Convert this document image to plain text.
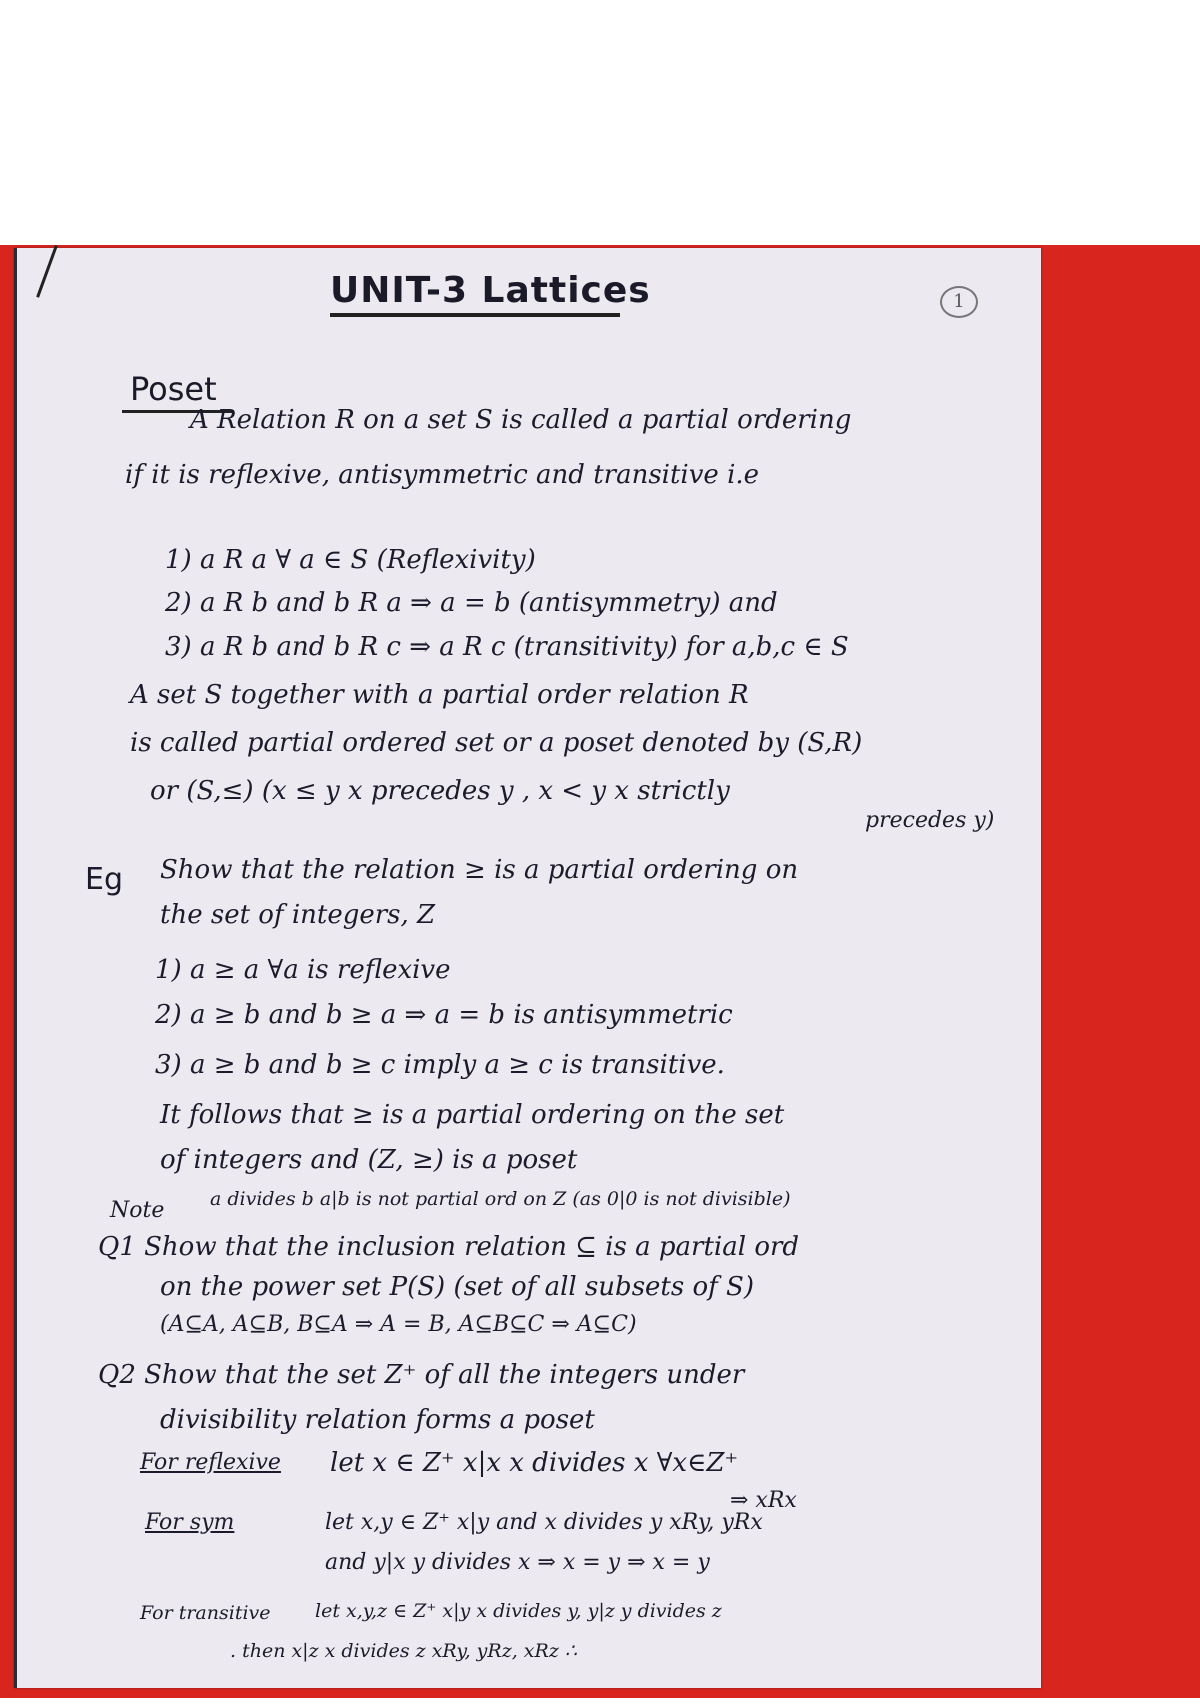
UNIT-3 Lattices	1
Poset
A Relation R on a set S is called a partial ordering
if it is reflexive, antisymmetric and transitive i.e
1) a R a ∀ a ∈ S (Reflexivity)
2) a R b and b R a ⇒ a = b (antisymmetry) and
3) a R b and b R c ⇒ a R c (transitivity) for a,b,c ∈ S
A set S together with a partial order relation R
is called partial ordered set or a poset denoted by (S,R)
or (S,≤) (x ≤ y x precedes y , x < y x strictly
precedes y)
Eg Show that the relation ≥ is a partial ordering on
the set of integers, Z
1) a ≥ a ∀a is reflexive
2) a ≥ b and b ≥ a ⇒ a = b is antisymmetric
3) a ≥ b and b ≥ c imply a ≥ c is transitive.
It follows that ≥ is a partial ordering on the set
of integers and (Z, ≥) is a poset
Note a divides b a|b is not partial ord on Z (as 0|0 is not divisible)
Q1 Show that the inclusion relation ⊆ is a partial ord
on the power set P(S) (set of all subsets of S)
(A⊆A, A⊆B, B⊆A ⇒ A = B, A⊆B⊆C ⇒ A⊆C)
Q2 Show that the set Z⁺ of all the integers under
divisibility relation forms a poset
For reflexive let x ∈ Z⁺ x|x x divides x ∀x∈Z⁺
⇒ xRx
For sym	let x,y ∈ Z⁺ x|y and x divides y xRy, yRx
and y|x y divides x ⇒ x = y ⇒ x = y
For transitive let x,y,z ∈ Z⁺ x|y x divides y, y|z y divides z
. then x|z x divides z xRy, yRz, xRz ∴
